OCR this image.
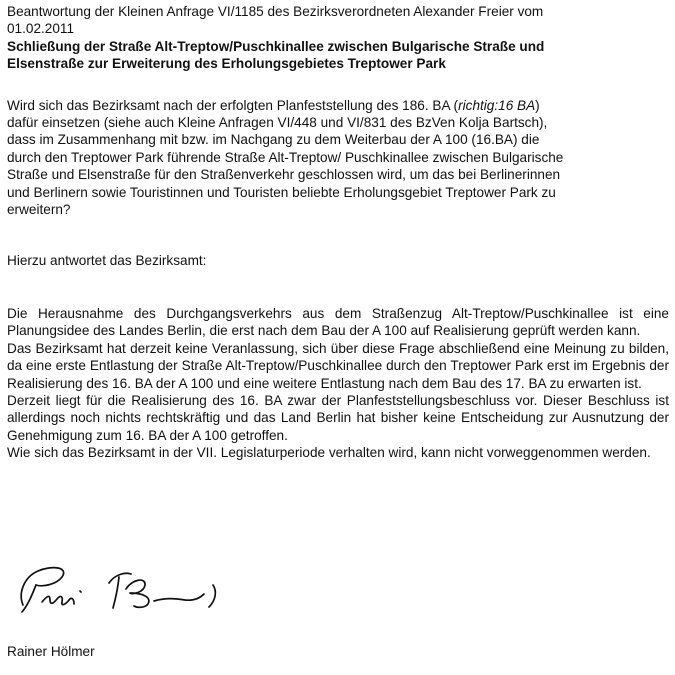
Beantwortung der Kleinen Anfrage VI/1185 des Bezirksverordneten Alexander Freier vom

01.02.2011

Schließung der Straße Alt-Treptow/Puschkinallee zwischen Bulgarische Straße und

Elsenstraße zur Erweiterung des Erholungsgebietes Treptower Park

Wird sich das Bezirksamt nach der erfolgten Planfeststellung des 186. BA (richtig:16 BA)

dafür einsetzen (siehe auch Kleine Anfragen VI/448 und VI/831 des BzVen Kolja Bartsch),

dass im Zusammenhang mit bzw. im Nachgang zu dem Weiterbau der A 100 (16.BA) die

durch den Treptower Park führende Straße Alt-Treptow/ Puschkinallee zwischen Bulgarische

Straße und Elsenstraße für den Straßenverkehr geschlossen wird, um das bei Berlinerinnen

und Berlinern sowie Touristinnen und Touristen beliebte Erholungsgebiet Treptower Park zu

erweitern?

Hierzu antwortet das Bezirksamt:

Die Herausnahme des Durchgangsverkehrs aus dem Straßenzug Alt-Treptow/Puschkinallee ist eine Planungsidee des Landes Berlin, die erst nach dem Bau der A 100 auf Realisierung geprüft werden kann.

Das Bezirksamt hat derzeit keine Veranlassung, sich über diese Frage abschließend eine Meinung zu bilden, da eine erste Entlastung der Straße Alt-Treptow/Puschkinallee durch den Treptower Park erst im Ergebnis der Realisierung des 16. BA der A 100 und eine weitere Entlastung nach dem Bau des 17. BA zu erwarten ist.

Derzeit liegt für die Realisierung des 16. BA zwar der Planfeststellungsbeschluss vor. Dieser Beschluss ist allerdings noch nichts rechtskräftig und das Land Berlin hat bisher keine Entscheidung zur Ausnutzung der Genehmigung zum 16. BA der A 100 getroffen.

Wie sich das Bezirksamt in der VII. Legislaturperiode verhalten wird, kann nicht vorweggenommen werden.

Rainer Hölmer
